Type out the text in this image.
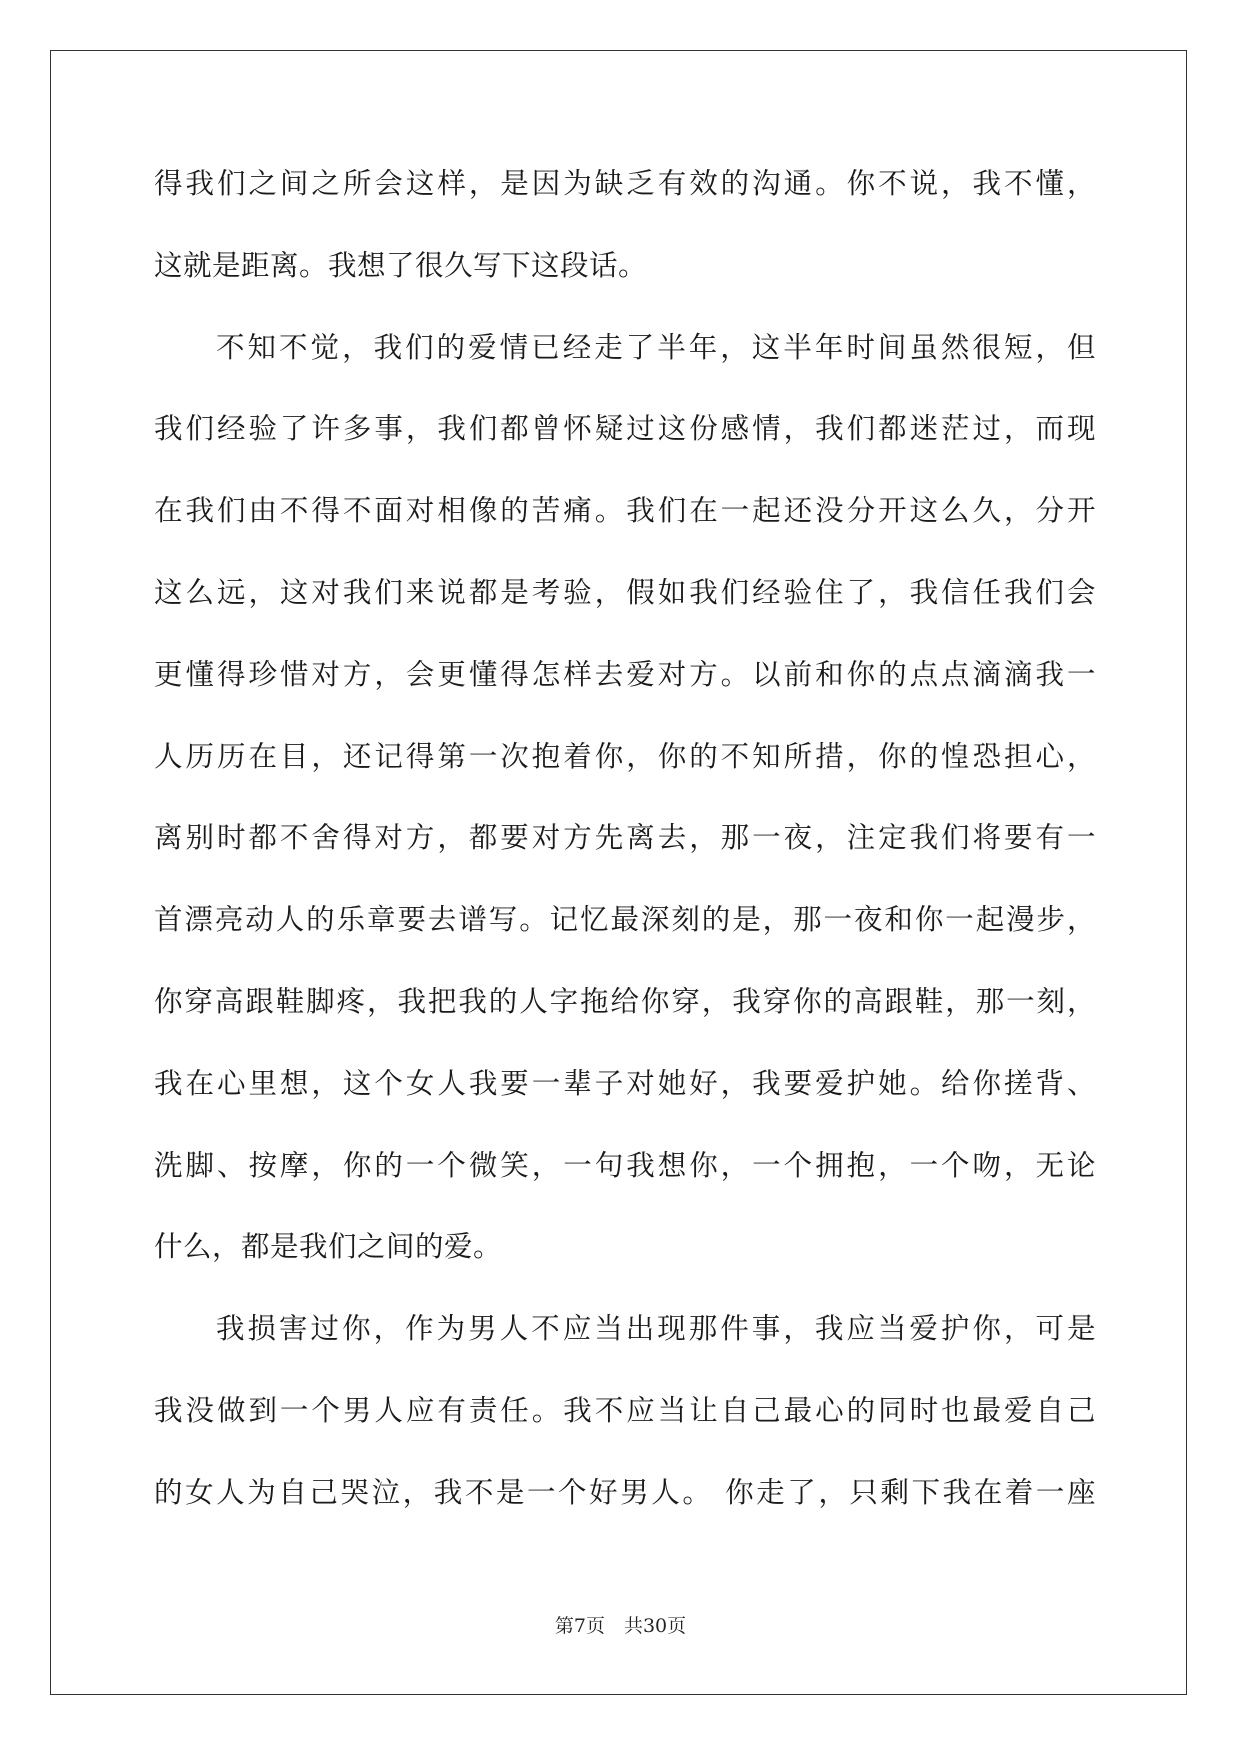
得我们之间之所会这样，是因为缺乏有效的沟通。你不说，我不懂，
这就是距离。我想了很久写下这段话。
不知不觉，我们的爱情已经走了半年，这半年时间虽然很短，但
我们经验了许多事，我们都曾怀疑过这份感情，我们都迷茫过，而现
在我们由不得不面对相像的苦痛。我们在一起还没分开这么久，分开
这么远，这对我们来说都是考验，假如我们经验住了，我信任我们会
更懂得珍惜对方，会更懂得怎样去爱对方。以前和你的点点滴滴我一
人历历在目，还记得第一次抱着你，你的不知所措，你的惶恐担心，
离别时都不舍得对方，都要对方先离去，那一夜，注定我们将要有一
首漂亮动人的乐章要去谱写。记忆最深刻的是，那一夜和你一起漫步，
你穿高跟鞋脚疼，我把我的人字拖给你穿，我穿你的高跟鞋，那一刻，
我在心里想，这个女人我要一辈子对她好，我要爱护她。给你搓背、
洗脚、按摩，你的一个微笑，一句我想你，一个拥抱，一个吻，无论
什么，都是我们之间的爱。
我损害过你，作为男人不应当出现那件事，我应当爱护你，可是
我没做到一个男人应有责任。我不应当让自己最心的同时也最爱自己
的女人为自己哭泣，我不是一个好男人。 你走了，只剩下我在着一座
第7页　共30页
